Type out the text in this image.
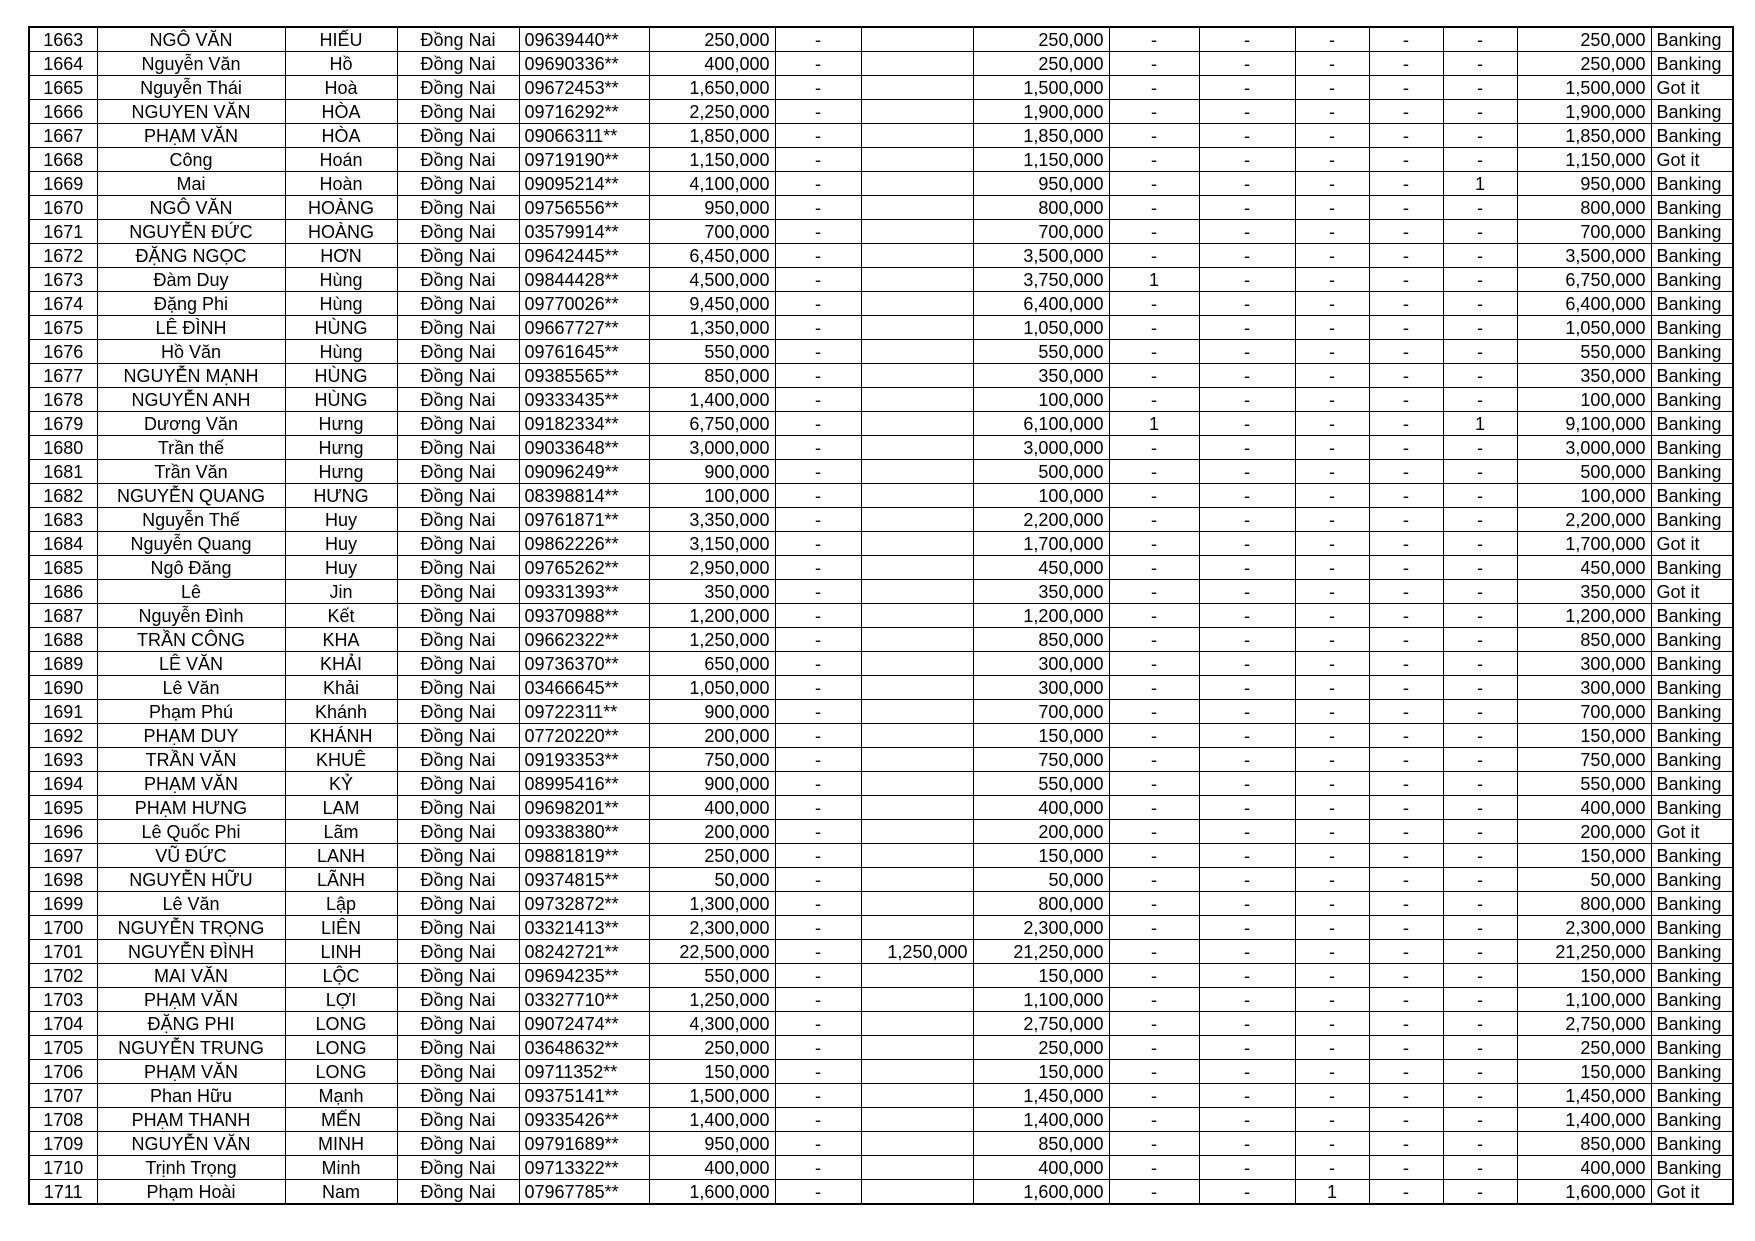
1663	NGÔ VĂN	HIẾU	Đồng Nai	09639440**	250,000	-		250,000	-	-	-	-	-	250,000	Banking
1664	Nguyễn Văn	Hồ	Đồng Nai	09690336**	400,000	-		250,000	-	-	-	-	-	250,000	Banking
1665	Nguyễn Thái	Hoà	Đồng Nai	09672453**	1,650,000	-		1,500,000	-	-	-	-	-	1,500,000	Got it
1666	NGUYEN VĂN	HÒA	Đồng Nai	09716292**	2,250,000	-		1,900,000	-	-	-	-	-	1,900,000	Banking
1667	PHẠM VĂN	HÒA	Đồng Nai	09066311**	1,850,000	-		1,850,000	-	-	-	-	-	1,850,000	Banking
1668	Công	Hoán	Đồng Nai	09719190**	1,150,000	-		1,150,000	-	-	-	-	-	1,150,000	Got it
1669	Mai	Hoàn	Đồng Nai	09095214**	4,100,000	-		950,000	-	-	-	-	1	950,000	Banking
1670	NGÔ VĂN	HOÀNG	Đồng Nai	09756556**	950,000	-		800,000	-	-	-	-	-	800,000	Banking
1671	NGUYỄN ĐỨC	HOÀNG	Đồng Nai	03579914**	700,000	-		700,000	-	-	-	-	-	700,000	Banking
1672	ĐẶNG NGỌC	HƠN	Đồng Nai	09642445**	6,450,000	-		3,500,000	-	-	-	-	-	3,500,000	Banking
1673	Đàm Duy	Hùng	Đồng Nai	09844428**	4,500,000	-		3,750,000	1	-	-	-	-	6,750,000	Banking
1674	Đặng Phi	Hùng	Đồng Nai	09770026**	9,450,000	-		6,400,000	-	-	-	-	-	6,400,000	Banking
1675	LÊ ĐÌNH	HÙNG	Đồng Nai	09667727**	1,350,000	-		1,050,000	-	-	-	-	-	1,050,000	Banking
1676	Hồ Văn	Hùng	Đồng Nai	09761645**	550,000	-		550,000	-	-	-	-	-	550,000	Banking
1677	NGUYỄN MẠNH	HÙNG	Đồng Nai	09385565**	850,000	-		350,000	-	-	-	-	-	350,000	Banking
1678	NGUYỄN ANH	HÙNG	Đồng Nai	09333435**	1,400,000	-		100,000	-	-	-	-	-	100,000	Banking
1679	Dương Văn	Hưng	Đồng Nai	09182334**	6,750,000	-		6,100,000	1	-	-	-	1	9,100,000	Banking
1680	Trần thế	Hưng	Đồng Nai	09033648**	3,000,000	-		3,000,000	-	-	-	-	-	3,000,000	Banking
1681	Trần Văn	Hưng	Đồng Nai	09096249**	900,000	-		500,000	-	-	-	-	-	500,000	Banking
1682	NGUYỄN QUANG	HƯNG	Đồng Nai	08398814**	100,000	-		100,000	-	-	-	-	-	100,000	Banking
1683	Nguyễn Thế	Huy	Đồng Nai	09761871**	3,350,000	-		2,200,000	-	-	-	-	-	2,200,000	Banking
1684	Nguyễn Quang	Huy	Đồng Nai	09862226**	3,150,000	-		1,700,000	-	-	-	-	-	1,700,000	Got it
1685	Ngô Đăng	Huy	Đồng Nai	09765262**	2,950,000	-		450,000	-	-	-	-	-	450,000	Banking
1686	Lê	Jin	Đồng Nai	09331393**	350,000	-		350,000	-	-	-	-	-	350,000	Got it
1687	Nguyễn Đình	Kết	Đồng Nai	09370988**	1,200,000	-		1,200,000	-	-	-	-	-	1,200,000	Banking
1688	TRẦN CÔNG	KHA	Đồng Nai	09662322**	1,250,000	-		850,000	-	-	-	-	-	850,000	Banking
1689	LÊ VĂN	KHẢI	Đồng Nai	09736370**	650,000	-		300,000	-	-	-	-	-	300,000	Banking
1690	Lê Văn	Khải	Đồng Nai	03466645**	1,050,000	-		300,000	-	-	-	-	-	300,000	Banking
1691	Phạm Phú	Khánh	Đồng Nai	09722311**	900,000	-		700,000	-	-	-	-	-	700,000	Banking
1692	PHẠM DUY	KHÁNH	Đồng Nai	07720220**	200,000	-		150,000	-	-	-	-	-	150,000	Banking
1693	TRẦN VĂN	KHUÊ	Đồng Nai	09193353**	750,000	-		750,000	-	-	-	-	-	750,000	Banking
1694	PHẠM VĂN	KỶ	Đồng Nai	08995416**	900,000	-		550,000	-	-	-	-	-	550,000	Banking
1695	PHẠM HƯNG	LAM	Đồng Nai	09698201**	400,000	-		400,000	-	-	-	-	-	400,000	Banking
1696	Lê Quốc Phi	Lãm	Đồng Nai	09338380**	200,000	-		200,000	-	-	-	-	-	200,000	Got it
1697	VŨ ĐỨC	LANH	Đồng Nai	09881819**	250,000	-		150,000	-	-	-	-	-	150,000	Banking
1698	NGUYỄN HỮU	LÃNH	Đồng Nai	09374815**	50,000	-		50,000	-	-	-	-	-	50,000	Banking
1699	Lê Văn	Lập	Đồng Nai	09732872**	1,300,000	-		800,000	-	-	-	-	-	800,000	Banking
1700	NGUYỄN TRỌNG	LIÊN	Đồng Nai	03321413**	2,300,000	-		2,300,000	-	-	-	-	-	2,300,000	Banking
1701	NGUYỄN ĐÌNH	LINH	Đồng Nai	08242721**	22,500,000	-	1,250,000	21,250,000	-	-	-	-	-	21,250,000	Banking
1702	MAI VĂN	LỘC	Đồng Nai	09694235**	550,000	-		150,000	-	-	-	-	-	150,000	Banking
1703	PHẠM VĂN	LỢI	Đồng Nai	03327710**	1,250,000	-		1,100,000	-	-	-	-	-	1,100,000	Banking
1704	ĐẶNG PHI	LONG	Đồng Nai	09072474**	4,300,000	-		2,750,000	-	-	-	-	-	2,750,000	Banking
1705	NGUYỄN TRUNG	LONG	Đồng Nai	03648632**	250,000	-		250,000	-	-	-	-	-	250,000	Banking
1706	PHẠM VĂN	LONG	Đồng Nai	09711352**	150,000	-		150,000	-	-	-	-	-	150,000	Banking
1707	Phan Hữu	Mạnh	Đồng Nai	09375141**	1,500,000	-		1,450,000	-	-	-	-	-	1,450,000	Banking
1708	PHẠM THANH	MẾN	Đồng Nai	09335426**	1,400,000	-		1,400,000	-	-	-	-	-	1,400,000	Banking
1709	NGUYỄN VĂN	MINH	Đồng Nai	09791689**	950,000	-		850,000	-	-	-	-	-	850,000	Banking
1710	Trịnh Trọng	Minh	Đồng Nai	09713322**	400,000	-		400,000	-	-	-	-	-	400,000	Banking
1711	Phạm Hoài	Nam	Đồng Nai	07967785**	1,600,000	-		1,600,000	-	-	1	-	-	1,600,000	Got it
